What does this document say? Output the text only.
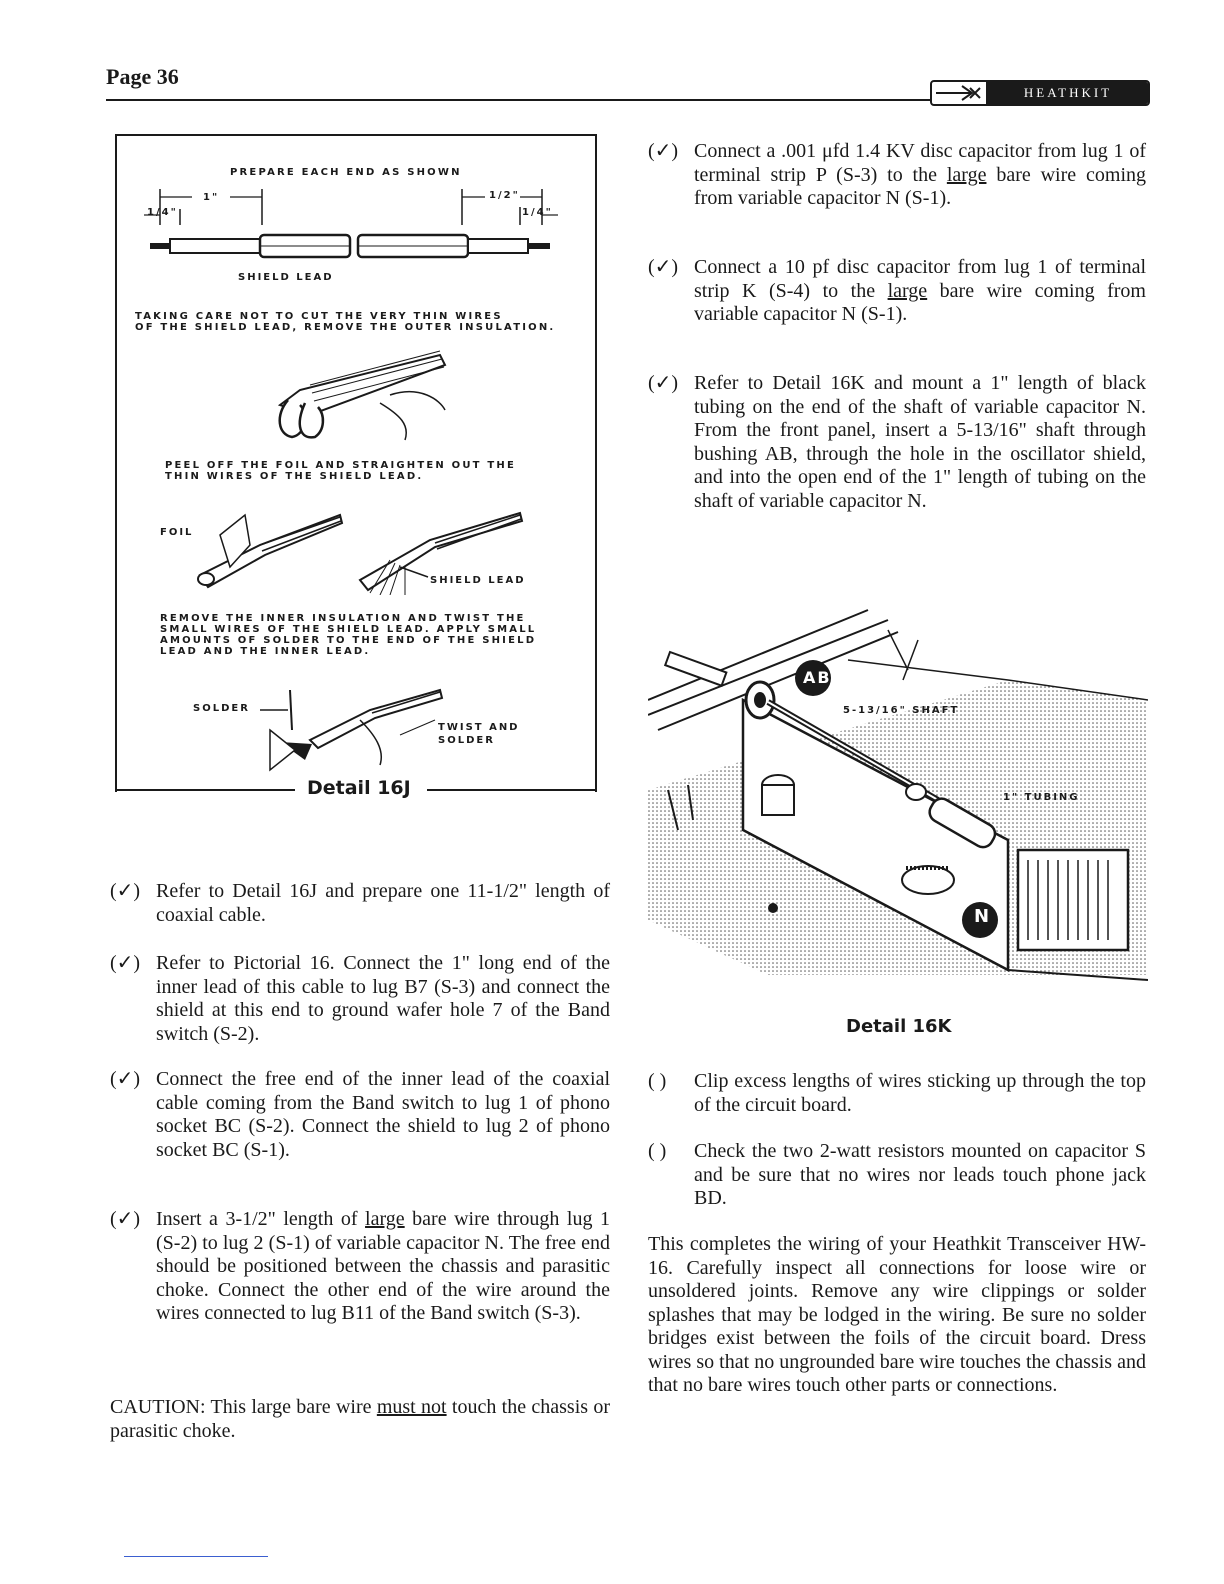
Page 36
HEATHKIT
PREPARE EACH END AS SHOWN
1"
1/4"
1/2"
1/4"
SHIELD LEAD
TAKING CARE NOT TO CUT THE VERY THIN WIRES
OF THE SHIELD LEAD, REMOVE THE OUTER INSULATION.
PEEL OFF THE FOIL AND STRAIGHTEN OUT THE
THIN WIRES OF THE SHIELD LEAD.
FOIL
SHIELD LEAD
REMOVE THE INNER INSULATION AND TWIST THE
SMALL WIRES OF THE SHIELD LEAD. APPLY SMALL
AMOUNTS OF SOLDER TO THE END OF THE SHIELD
LEAD AND THE INNER LEAD.
SOLDER
TWIST AND
SOLDER
Detail 16J
(✓) Refer to Detail 16J and prepare one 11-1/2" length of coaxial cable.
(✓) Refer to Pictorial 16. Connect the 1" long end of the inner lead of this cable to lug B7 (S-3) and connect the shield at this end to ground wafer hole 7 of the Band switch (S-2).
(✓) Connect the free end of the inner lead of the coaxial cable coming from the Band switch to lug 1 of phono socket BC (S-2). Connect the shield to lug 2 of phono socket BC (S-1).
(✓) Insert a 3-1/2" length of large bare wire through lug 1 (S-2) to lug 2 (S-1) of variable capacitor N. The free end should be positioned between the chassis and parasitic choke. Connect the other end of the wire around the wires connected to lug B11 of the Band switch (S-3).
CAUTION: This large bare wire must not touch the chassis or parasitic choke.
(✓) Connect a .001 μfd 1.4 KV disc capacitor from lug 1 of terminal strip P (S-3) to the large bare wire coming from variable capacitor N (S-1).
(✓) Connect a 10 pf disc capacitor from lug 1 of terminal strip K (S-4) to the large bare wire coming from variable capacitor N (S-1).
(✓) Refer to Detail 16K and mount a 1" length of black tubing on the end of the shaft of variable capacitor N. From the front panel, insert a 5-13/16" shaft through bushing AB, through the hole in the oscillator shield, and into the open end of the 1" length of tubing on the shaft of variable capacitor N.
AB
5-13/16" SHAFT
1" TUBING
N
Detail 16K
( )	Clip excess lengths of wires sticking up through the top of the circuit board.
( )	Check the two 2-watt resistors mounted on capacitor S and be sure that no wires nor leads touch phone jack BD.
This completes the wiring of your Heathkit Transceiver HW-16. Carefully inspect all connections for loose wire or unsoldered joints. Remove any wire clippings or solder splashes that may be lodged in the wiring. Be sure no solder bridges exist between the foils of the circuit board. Dress wires so that no ungrounded bare wire touches the chassis and that no bare wires touch other parts or connections.
